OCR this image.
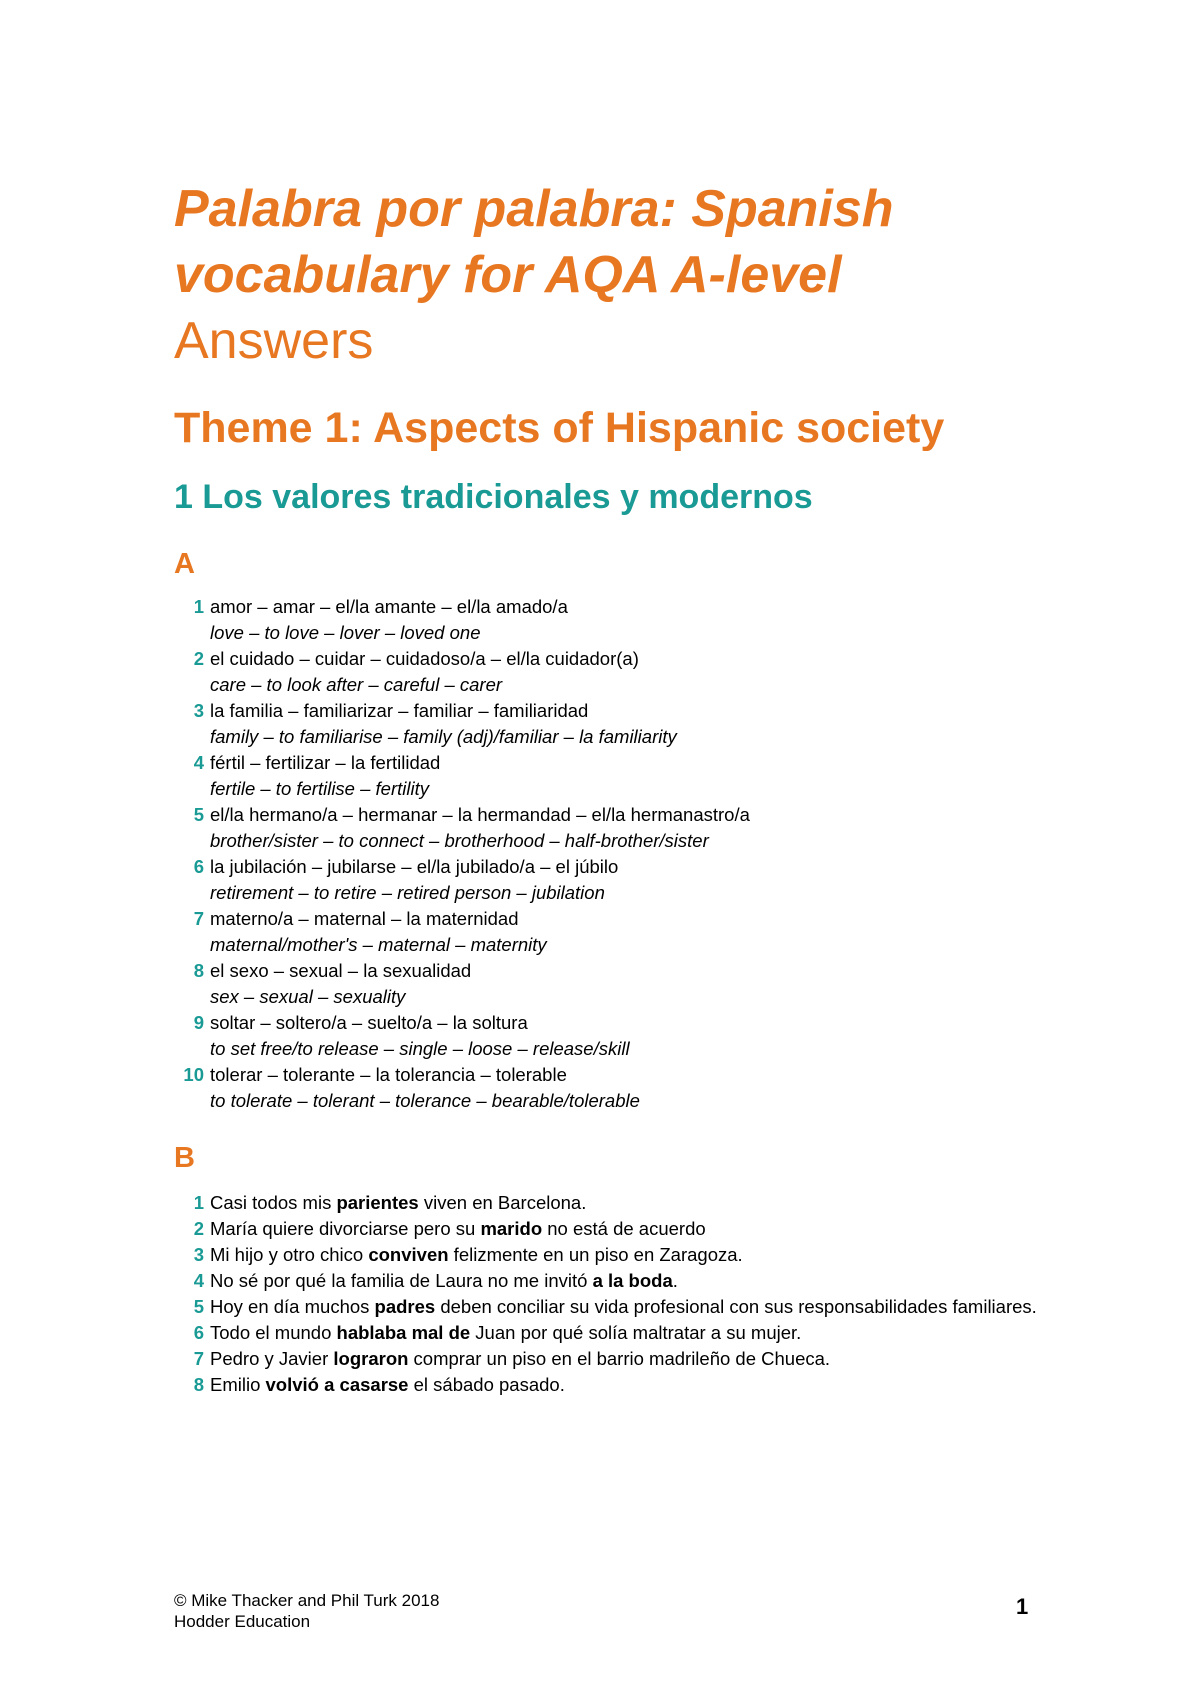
Palabra por palabra: Spanish
vocabulary for AQA A-level
Answers
Theme 1: Aspects of Hispanic society
1 Los valores tradicionales y modernos
A
1 amor – amar – el/la amante – el/la amado/a
love – to love – lover – loved one
2 el cuidado – cuidar – cuidadoso/a – el/la cuidador(a)
care – to look after – careful – carer
3 la familia – familiarizar – familiar – familiaridad
family – to familiarise – family (adj)/familiar – la familiarity
4 fértil – fertilizar – la fertilidad
fertile – to fertilise – fertility
5 el/la hermano/a – hermanar – la hermandad – el/la hermanastro/a
brother/sister – to connect – brotherhood – half-brother/sister
6 la jubilación – jubilarse – el/la jubilado/a – el júbilo
retirement – to retire – retired person – jubilation
7 materno/a – maternal – la maternidad
maternal/mother's – maternal – maternity
8 el sexo – sexual – la sexualidad
sex – sexual – sexuality
9 soltar – soltero/a – suelto/a – la soltura
to set free/to release – single – loose – release/skill
10 tolerar – tolerante – la tolerancia – tolerable
to tolerate – tolerant – tolerance – bearable/tolerable
B
1 Casi todos mis parientes viven en Barcelona.
2 María quiere divorciarse pero su marido no está de acuerdo
3 Mi hijo y otro chico conviven felizmente en un piso en Zaragoza.
4 No sé por qué la familia de Laura no me invitó a la boda.
5 Hoy en día muchos padres deben conciliar su vida profesional con sus responsabilidades familiares.
6 Todo el mundo hablaba mal de Juan por qué solía maltratar a su mujer.
7 Pedro y Javier lograron comprar un piso en el barrio madrileño de Chueca.
8 Emilio volvió a casarse el sábado pasado.
© Mike Thacker and Phil Turk 2018
Hodder Education
1
